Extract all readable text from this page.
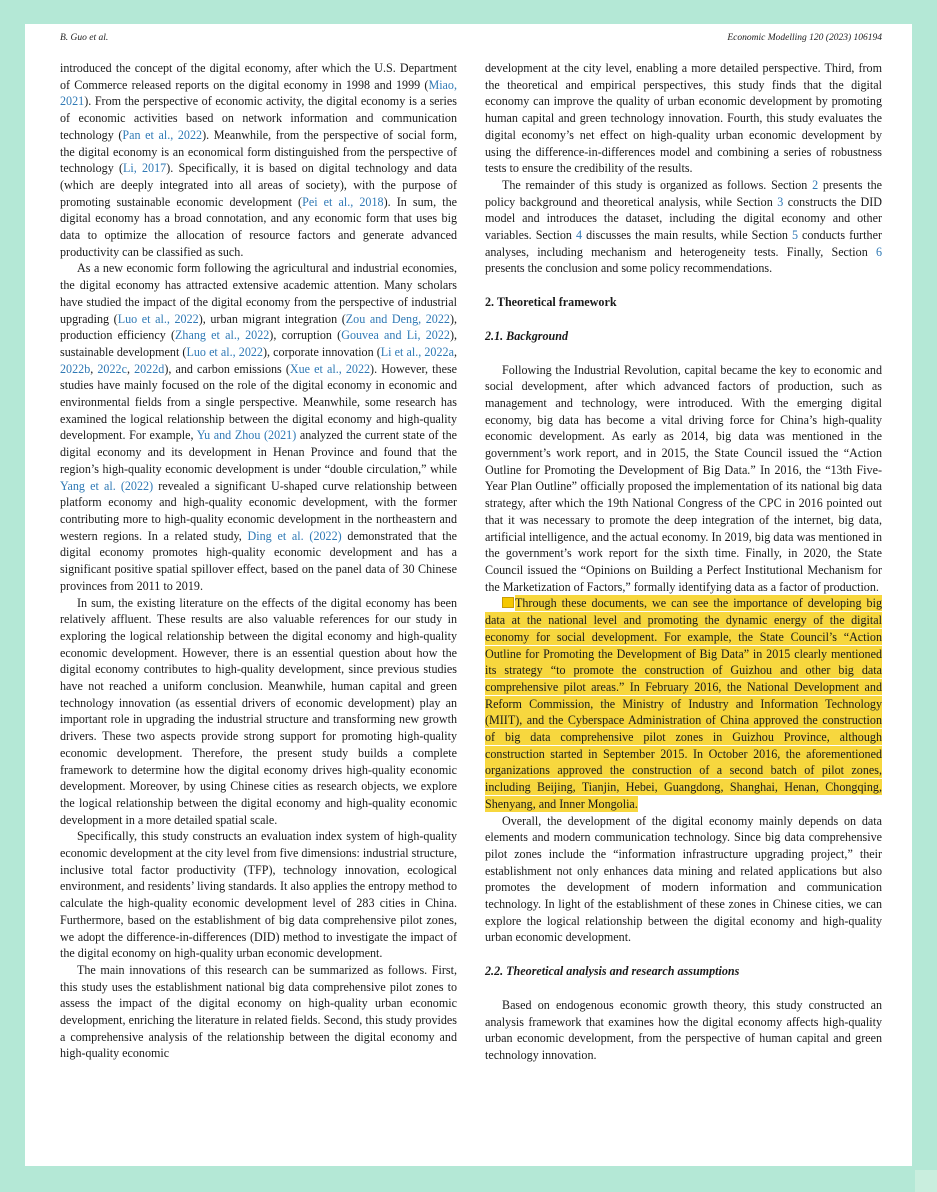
B. Guo et al.	Economic Modelling 120 (2023) 106194

introduced the concept of the digital economy, after which the U.S. Department of Commerce released reports on the digital economy in 1998 and 1999 (Miao, 2021). From the perspective of economic activity, the digital economy is a series of economic activities based on network information and communication technology (Pan et al., 2022). Meanwhile, from the perspective of social form, the digital economy is an economical form distinguished from the perspective of technology (Li, 2017). Specifically, it is based on digital technology and data (which are deeply integrated into all areas of society), with the purpose of promoting sustainable economic development (Pei et al., 2018). In sum, the digital economy has a broad connotation, and any economic form that uses big data to optimize the allocation of resource factors and generate advanced productivity can be classified as such.

As a new economic form following the agricultural and industrial economies, the digital economy has attracted extensive academic attention. Many scholars have studied the impact of the digital economy from the perspective of industrial upgrading (Luo et al., 2022), urban migrant integration (Zou and Deng, 2022), production efficiency (Zhang et al., 2022), corruption (Gouvea and Li, 2022), sustainable development (Luo et al., 2022), corporate innovation (Li et al., 2022a, 2022b, 2022c, 2022d), and carbon emissions (Xue et al., 2022). However, these studies have mainly focused on the role of the digital economy in economic and environmental fields from a single perspective. Meanwhile, some research has examined the logical relationship between the digital economy and high-quality development. For example, Yu and Zhou (2021) analyzed the current state of the digital economy and its development in Henan Province and found that the region’s high-quality economic development is under “double circulation,” while Yang et al. (2022) revealed a significant U-shaped curve relationship between platform economy and high-quality economic development, with the former contributing more to high-quality economic development in the northeastern and western regions. In a related study, Ding et al. (2022) demonstrated that the digital economy promotes high-quality economic development and has a significant positive spatial spillover effect, based on the panel data of 30 Chinese provinces from 2011 to 2019.

In sum, the existing literature on the effects of the digital economy has been relatively affluent. These results are also valuable references for our study in exploring the logical relationship between the digital economy and high-quality economic development. However, there is an essential question about how the digital economy contributes to high-quality development, since previous studies have not reached a uniform conclusion. Meanwhile, human capital and green technology innovation (as essential drivers of economic development) play an important role in upgrading the industrial structure and transforming new growth drivers. These two aspects provide strong support for promoting high-quality economic development. Therefore, the present study builds a complete framework to determine how the digital economy drives high-quality economic development. Moreover, by using Chinese cities as research objects, we explore the logical relationship between the digital economy and high-quality economic development in a more detailed spatial scale.

Specifically, this study constructs an evaluation index system of high-quality economic development at the city level from five dimensions: industrial structure, inclusive total factor productivity (TFP), technology innovation, ecological environment, and residents’ living standards. It also applies the entropy method to calculate the high-quality economic development level of 283 cities in China. Furthermore, based on the establishment of big data comprehensive pilot zones, we adopt the difference-in-differences (DID) method to investigate the impact of the digital economy on high-quality urban economic development.

The main innovations of this research can be summarized as follows. First, this study uses the establishment national big data comprehensive pilot zones to assess the impact of the digital economy on high-quality urban economic development, enriching the literature in related fields. Second, this study provides a comprehensive analysis of the relationship between the digital economy and high-quality economic

development at the city level, enabling a more detailed perspective. Third, from the theoretical and empirical perspectives, this study finds that the digital economy can improve the quality of urban economic development by promoting human capital and green technology innovation. Fourth, this study evaluates the digital economy’s net effect on high-quality urban economic development by using the difference-in-differences model and combining a series of robustness tests to ensure the credibility of the results.

The remainder of this study is organized as follows. Section 2 presents the policy background and theoretical analysis, while Section 3 constructs the DID model and introduces the dataset, including the digital economy and other variables. Section 4 discusses the main results, while Section 5 conducts further analyses, including mechanism and heterogeneity tests. Finally, Section 6 presents the conclusion and some policy recommendations.

2. Theoretical framework
2.1. Background

Following the Industrial Revolution, capital became the key to economic and social development, after which advanced factors of production, such as management and technology, were introduced. With the emerging digital economy, big data has become a vital driving force for China’s high-quality economic development. As early as 2014, big data was mentioned in the government’s work report, and in 2015, the State Council issued the “Action Outline for Promoting the Development of Big Data.” In 2016, the “13th Five-Year Plan Outline” officially proposed the implementation of its national big data strategy, after which the 19th National Congress of the CPC in 2016 pointed out that it was necessary to promote the deep integration of the internet, big data, artificial intelligence, and the actual economy. In 2019, big data was mentioned in the government’s work report for the sixth time. Finally, in 2020, the State Council issued the “Opinions on Building a Perfect Institutional Mechanism for the Marketization of Factors,” formally identifying data as a factor of production.

Through these documents, we can see the importance of developing big data at the national level and promoting the dynamic energy of the digital economy for social development. For example, the State Council’s “Action Outline for Promoting the Development of Big Data” in 2015 clearly mentioned its strategy “to promote the construction of Guizhou and other big data comprehensive pilot areas.” In February 2016, the National Development and Reform Commission, the Ministry of Industry and Information Technology (MIIT), and the Cyberspace Administration of China approved the construction of big data comprehensive pilot zones in Guizhou Province, although construction started in September 2015. In October 2016, the aforementioned organizations approved the construction of a second batch of pilot zones, including Beijing, Tianjin, Hebei, Guangdong, Shanghai, Henan, Chongqing, Shenyang, and Inner Mongolia.

Overall, the development of the digital economy mainly depends on data elements and modern communication technology. Since big data comprehensive pilot zones include the “information infrastructure upgrading project,” their establishment not only enhances data mining and related applications but also promotes the development of modern information and communication technology. In light of the establishment of these zones in Chinese cities, we can explore the logical relationship between the digital economy and high-quality urban economic development.

2.2. Theoretical analysis and research assumptions

Based on endogenous economic growth theory, this study constructed an analysis framework that examines how the digital economy affects high-quality urban economic development, from the perspective of human capital and green technology innovation.
